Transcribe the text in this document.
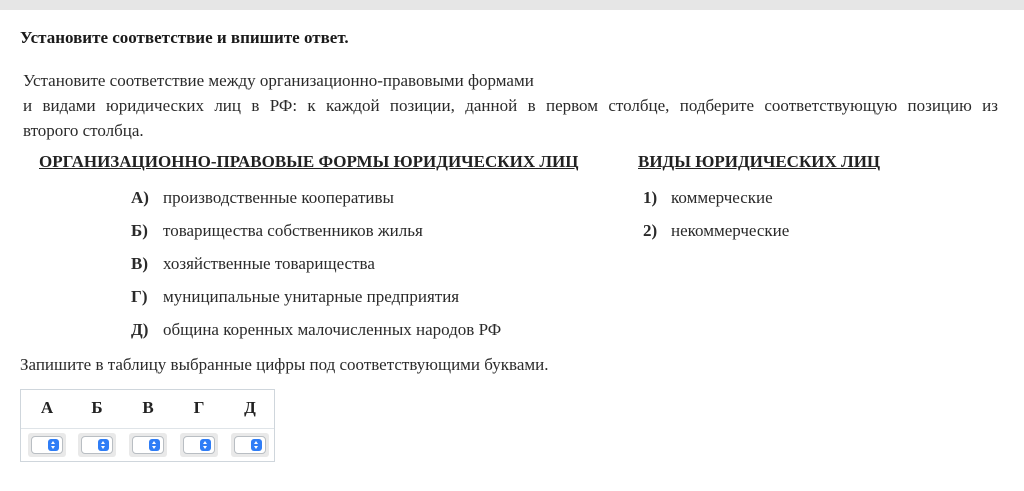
Установите соответствие и впишите ответ.
Установите соответствие между организационно-правовыми формами
и видами юридических лиц в РФ: к каждой позиции, данной в первом столбце, подберите соответствующую позицию из
второго столбца.
ОРГАНИЗАЦИОННО-ПРАВОВЫЕ ФОРМЫ ЮРИДИЧЕСКИХ ЛИЦ	ВИДЫ ЮРИДИЧЕСКИХ ЛИЦ
А) производственные кооперативы
Б) товарищества собственников жилья
В) хозяйственные товарищества
Г) муниципальные унитарные предприятия
Д) община коренных малочисленных народов РФ
1) коммерческие
2) некоммерческие
Запишите в таблицу выбранные цифры под соответствующими буквами.
А	Б	В	Г	Д
